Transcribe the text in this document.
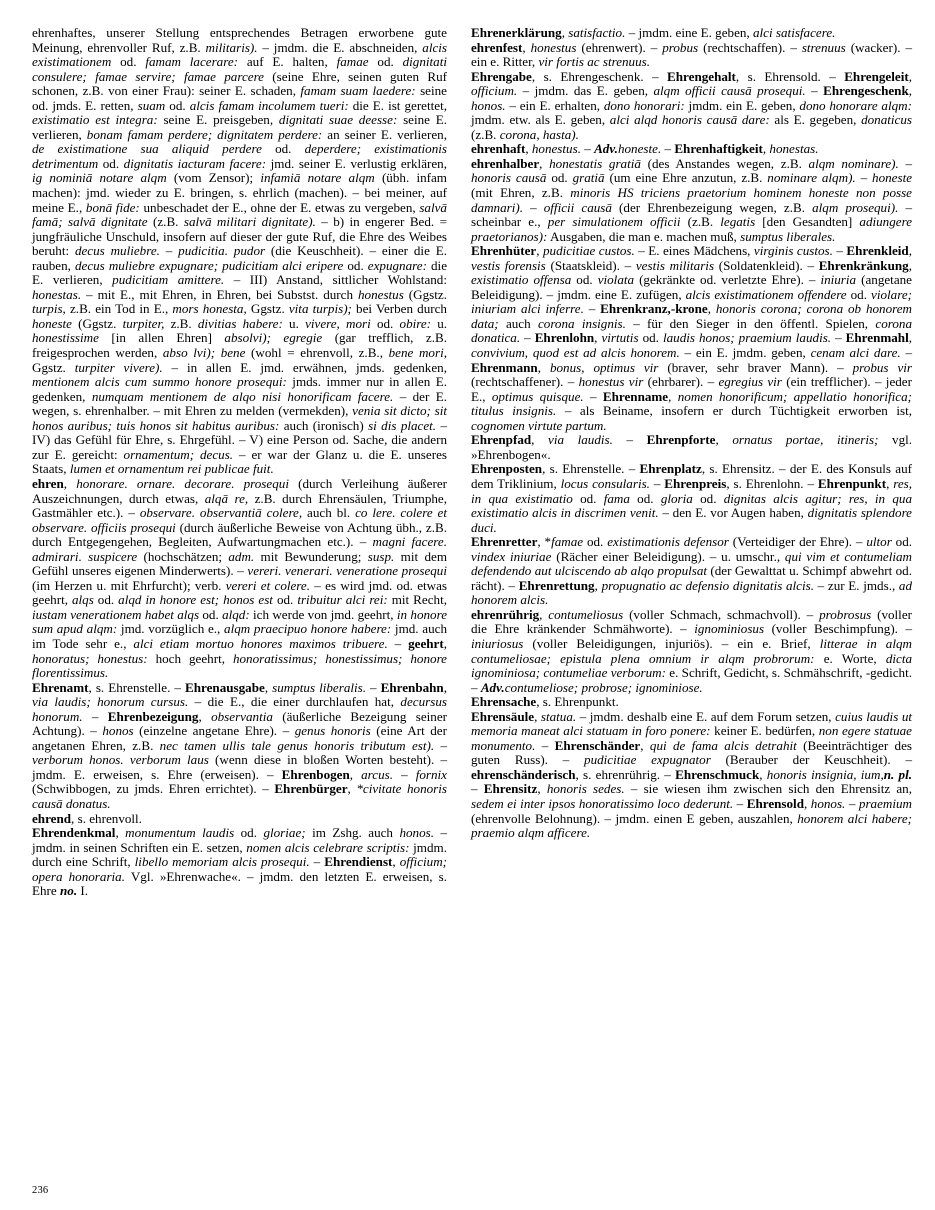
ehrenhaftes, unserer Stellung entsprechendes Betragen erworbene gute Meinung, ehrenvoller Ruf, z.B. militaris). – jmdm. die E. abschneiden, alcis existimationem od. famam lacerare: auf E. halten, famae od. dignitati consulere; famae servire; famae parcere (seine Ehre, seinen guten Ruf schonen, z.B. von einer Frau): seiner E. schaden, famam suam laedere: seine od. jmds. E. retten, suam od. alcis famam incolumem tueri: die E. ist gerettet, existimatio est integra: seine E. preisgeben, dignitati suae deesse: seine E. verlieren, bonam famam perdere; dignitatem perdere: an seiner E. verlieren, de existimatione sua aliquid perdere od. deperdere; existimationis detrimentum od. dignitatis iacturam facere: jmd. seiner E. verlustig erklären, ig nominiā notare alqm (vom Zensor); infamiā notare alqm (übh. infam machen): jmd. wieder zu E. bringen, s. ehrlich (machen). – bei meiner, auf meine E., bonā fide: unbeschadet der E., ohne der E. etwas zu vergeben, salvā famā; salvā dignitate (z.B. salvā militari dignitate). – b) in engerer Bed. = jungfräuliche Unschuld, insofern auf dieser der gute Ruf, die Ehre des Weibes beruht: decus muliebre. – pudicitia. pudor (die Keuschheit). – einer die E. rauben, decus muliebre expugnare; pudicitiam alci eripere od. expugnare: die E. verlieren, pudicitiam amittere. – III) Anstand, sittlicher Wohlstand: honestas. – mit E., mit Ehren, in Ehren, bei Substst. durch honestus (Ggstz. turpis, z.B. ein Tod in E., mors honesta, Ggstz. vita turpis); bei Verben durch honeste (Ggstz. turpiter, z.B. divitias habere: u. vivere, mori od. obire: u. honestissime [in allen Ehren] absolvi); egregie (gar trefflich, z.B. freigesprochen werden, abso lvi); bene (wohl = ehrenvoll, z.B., bene mori, Ggstz. turpiter vivere). – in allen E. jmd. erwähnen, jmds. gedenken, mentionem alcis cum summo honore prosequi: jmds. immer nur in allen E. gedenken, numquam mentionem de alqo nisi honorificam facere. – der E. wegen, s. ehrenhalber. – mit Ehren zu melden (vermekden), venia sit dicto; sit honos auribus; tuis honos sit habitus auribus: auch (ironisch) si dis placet. – IV) das Gefühl für Ehre, s. Ehrgefühl. – V) eine Person od. Sache, die andern zur E. gereicht: ornamentum; decus. – er war der Glanz u. die E. unseres Staats, lumen et ornamentum rei publicae fuit.

ehren, honorare. ornare. decorare. prosequi (durch Verleihung äußerer Auszeichnungen, durch etwas, alqā re, z.B. durch Ehrensäulen, Triumphe, Gastmähler etc.). – observare. observantiā colere, auch bl. co lere. colere et observare. officiis prosequi (durch äußerliche Beweise von Achtung übh., z.B. durch Entgegengehen, Begleiten, Aufwartungmachen etc.). – magni facere. admirari. suspicere (hochschätzen; adm. mit Bewunderung; susp. mit dem Gefühl unseres eigenen Minderwerts). – vereri. venerari. veneratione prosequi (im Herzen u. mit Ehrfurcht); verb. vereri et colere. – es wird jmd. od. etwas geehrt, alqs od. alqd in honore est; honos est od. tribuitur alci rei: mit Recht, iustam venerationem habet alqs od. alqd: ich werde von jmd. geehrt, in honore sum apud alqm: jmd. vorzüglich e., alqm praecipuo honore habere: jmd. auch im Tode sehr e., alci etiam mortuo honores maximos tribuere. – geehrt, honoratus; honestus: hoch geehrt, honoratissimus; honestissimus; honore florentissimus.

Ehrenamt, s. Ehrenstelle. – Ehrenausgabe, sumptus liberalis. – Ehrenbahn, via laudis; honorum cursus. – die E., die einer durchlaufen hat, decursus honorum. – Ehrenbezeigung, observantia (äußerliche Bezeigung seiner Achtung). – honos (einzelne angetane Ehre). – genus honoris (eine Art der angetanen Ehren, z.B. nec tamen ullis tale genus honoris tributum est). – verborum honos. verborum laus (wenn diese in bloßen Worten besteht). – jmdm. E. erweisen, s. Ehre (erweisen). – Ehrenbogen, arcus. – fornix (Schwibbogen, zu jmds. Ehren errichtet). – Ehrenbürger, *civitate honoris causā donatus.

ehrend, s. ehrenvoll.

Ehrendenkmal, monumentum laudis od. gloriae; im Zshg. auch honos. – jmdm. in seinen Schriften ein E. setzen, nomen alcis celebrare scriptis: jmdm. durch eine Schrift, libello memoriam alcis prosequi. – Ehrendienst, officium; opera honoraria. Vgl. »Ehrenwache«. – jmdm. den letzten E. erweisen, s. Ehre no. I.

Ehrenerklärung, satisfactio. – jmdm. eine E. geben, alci satisfacere.

ehrenfest, honestus (ehrenwert). – probus (rechtschaffen). – strenuus (wacker). – ein e. Ritter, vir fortis ac strenuus.

Ehrengabe, s. Ehrengeschenk. – Ehrengehalt, s. Ehrensold. – Ehrengeleit, officium. – jmdm. das E. geben, alqm officii causā prosequi. – Ehrengeschenk, honos. – ein E. erhalten, dono honorari: jmdm. ein E. geben, dono honorare alqm: jmdm. etw. als E. geben, alci alqd honoris causā dare: als E. gegeben, donaticus (z.B. corona, hasta).

ehrenhaft, honestus. – Adv.honeste. – Ehrenhaftigkeit, honestas.

ehrenhalber, honestatis gratiā (des Anstandes wegen, z.B. alqm nominare). – honoris causā od. gratiā (um eine Ehre anzutun, z.B. nominare alqm). – honeste (mit Ehren, z.B. minoris HS triciens praetorium hominem honeste non posse damnari). – officii causā (der Ehrenbezeigung wegen, z.B. alqm prosequi). – scheinbar e., per simulationem officii (z.B. legatis [den Gesandten] adiungere praetorianos): Ausgaben, die man e. machen muß, sumptus liberales.

Ehrenhüter, pudicitiae custos. – E. eines Mädchens, virginis custos. – Ehrenkleid, vestis forensis (Staatskleid). – vestis militaris (Soldatenkleid). – Ehrenkränkung, existimatio offensa od. violata (gekränkte od. verletzte Ehre). – iniuria (angetane Beleidigung). – jmdm. eine E. zufügen, alcis existimationem offendere od. violare; iniuriam alci inferre. – Ehrenkranz,-krone, honoris corona; corona ob honorem data; auch corona insignis. – für den Sieger in den öffentl. Spielen, corona donatica. – Ehrenlohn, virtutis od. laudis honos; praemium laudis. – Ehrenmahl, convivium, quod est ad alcis honorem. – ein E. jmdm. geben, cenam alci dare. – Ehrenmann, bonus, optimus vir (braver, sehr braver Mann). – probus vir (rechtschaffener). – honestus vir (ehrbarer). – egregius vir (ein trefflicher). – jeder E., optimus quisque. – Ehrenname, nomen honorificum; appellatio honorifica; titulus insignis. – als Beiname, insofern er durch Tüchtigkeit erworben ist, cognomen virtute partum.

Ehrenpfad, via laudis. – Ehrenpforte, ornatus portae, itineris; vgl. »Ehrenbogen«.

Ehrenposten, s. Ehrenstelle. – Ehrenplatz, s. Ehrensitz. – der E. des Konsuls auf dem Triklinium, locus consularis. – Ehrenpreis, s. Ehrenlohn. – Ehrenpunkt, res, in qua existimatio od. fama od. gloria od. dignitas alcis agitur; res, in qua existimatio alcis in discrimen venit. – den E. vor Augen haben, dignitatis splendore duci.

Ehrenretter, *famae od. existimationis defensor (Verteidiger der Ehre). – ultor od. vindex iniuriae (Rächer einer Beleidigung). – u. umschr., qui vim et contumeliam defendendo aut ulciscendo ab alqo propulsat (der Gewalttat u. Schimpf abwehrt od. rächt). – Ehrenrettung, propugnatio ac defensio dignitatis alcis. – zur E. jmds., ad honorem alcis.

ehrenrührig, contumeliosus (voller Schmach, schmachvoll). – probrosus (voller die Ehre kränkender Schmähworte). – ignominiosus (voller Beschimpfung). – iniuriosus (voller Beleidigungen, injuriös). – ein e. Brief, litterae in alqm contumeliosae; epistula plena omnium ir alqm probrorum: e. Worte, dicta ignominiosa; contumeliae verborum: e. Schrift, Gedicht, s. Schmähschrift, -gedicht. – Adv.contumeliose; probrose; ignominiose.

Ehrensache, s. Ehrenpunkt.

Ehrensäule, statua. – jmdm. deshalb eine E. auf dem Forum setzen, cuius laudis ut memoria maneat alci statuam in foro ponere: keiner E. bedürfen, non egere statuae monumento. – Ehrenschänder, qui de fama alcis detrahit (Beeinträchtiger des guten Russ). – pudicitiae expugnator (Berauber der Keuschheit). – ehrenschänderisch, s. ehrenrührig. – Ehrenschmuck, honoris insignia, ium,n. pl. – Ehrensitz, honoris sedes. – sie wiesen ihm zwischen sich den Ehrensitz an, sedem ei inter ipsos honoratissimo loco dederunt. – Ehrensold, honos. – praemium (ehrenvolle Belohnung). – jmdm. einen E geben, auszahlen, honorem alci habere; praemio alqm afficere.

236
